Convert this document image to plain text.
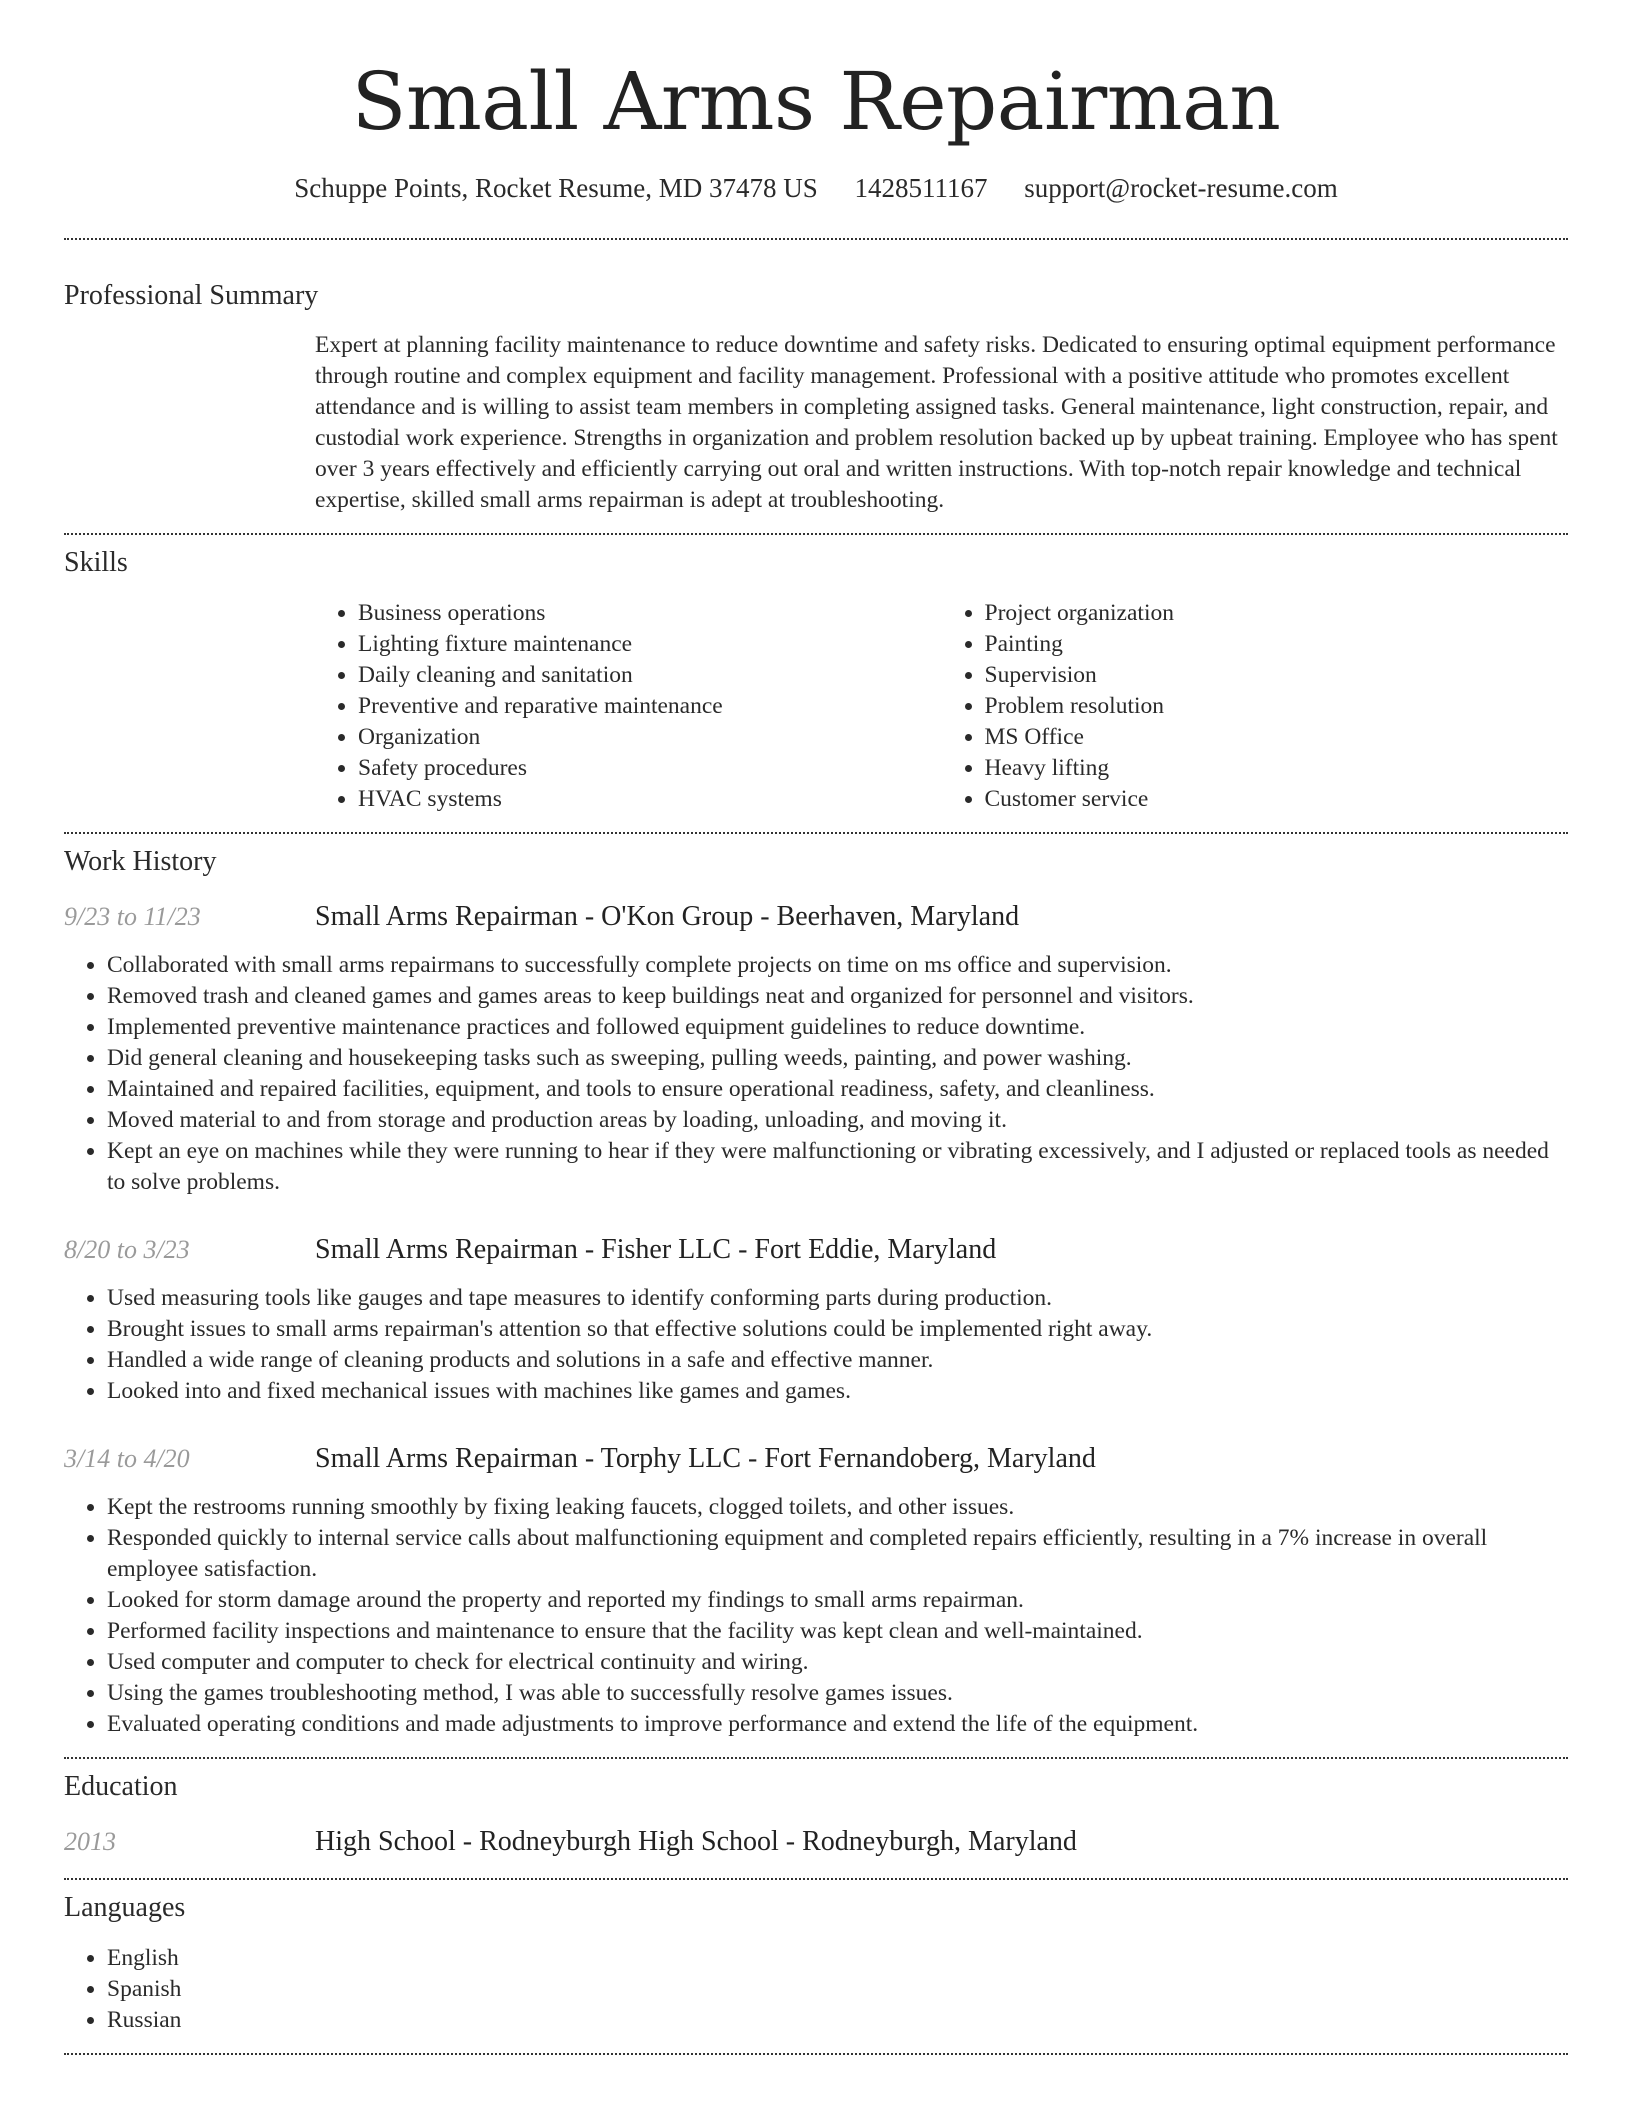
Small Arms Repairman
Schuppe Points, Rocket Resume, MD 37478 US 1428511167 support@rocket-resume.com
Professional Summary
Expert at planning facility maintenance to reduce downtime and safety risks. Dedicated to ensuring optimal equipment performance through routine and complex equipment and facility management. Professional with a positive attitude who promotes excellent attendance and is willing to assist team members in completing assigned tasks. General maintenance, light construction, repair, and custodial work experience. Strengths in organization and problem resolution backed up by upbeat training. Employee who has spent over 3 years effectively and efficiently carrying out oral and written instructions. With top-notch repair knowledge and technical expertise, skilled small arms repairman is adept at troubleshooting.
Skills
• Business operations
• Lighting fixture maintenance
• Daily cleaning and sanitation
• Preventive and reparative maintenance
• Organization
• Safety procedures
• HVAC systems
• Project organization
• Painting
• Supervision
• Problem resolution
• MS Office
• Heavy lifting
• Customer service
Work History
9/23 to 11/23	Small Arms Repairman - O'Kon Group - Beerhaven, Maryland
• Collaborated with small arms repairmans to successfully complete projects on time on ms office and supervision.
• Removed trash and cleaned games and games areas to keep buildings neat and organized for personnel and visitors.
• Implemented preventive maintenance practices and followed equipment guidelines to reduce downtime.
• Did general cleaning and housekeeping tasks such as sweeping, pulling weeds, painting, and power washing.
• Maintained and repaired facilities, equipment, and tools to ensure operational readiness, safety, and cleanliness.
• Moved material to and from storage and production areas by loading, unloading, and moving it.
• Kept an eye on machines while they were running to hear if they were malfunctioning or vibrating excessively, and I adjusted or replaced tools as needed to solve problems.
8/20 to 3/23	Small Arms Repairman - Fisher LLC - Fort Eddie, Maryland
• Used measuring tools like gauges and tape measures to identify conforming parts during production.
• Brought issues to small arms repairman's attention so that effective solutions could be implemented right away.
• Handled a wide range of cleaning products and solutions in a safe and effective manner.
• Looked into and fixed mechanical issues with machines like games and games.
3/14 to 4/20	Small Arms Repairman - Torphy LLC - Fort Fernandoberg, Maryland
• Kept the restrooms running smoothly by fixing leaking faucets, clogged toilets, and other issues.
• Responded quickly to internal service calls about malfunctioning equipment and completed repairs efficiently, resulting in a 7% increase in overall employee satisfaction.
• Looked for storm damage around the property and reported my findings to small arms repairman.
• Performed facility inspections and maintenance to ensure that the facility was kept clean and well-maintained.
• Used computer and computer to check for electrical continuity and wiring.
• Using the games troubleshooting method, I was able to successfully resolve games issues.
• Evaluated operating conditions and made adjustments to improve performance and extend the life of the equipment.
Education
2013	High School - Rodneyburgh High School - Rodneyburgh, Maryland
Languages
• English
• Spanish
• Russian
